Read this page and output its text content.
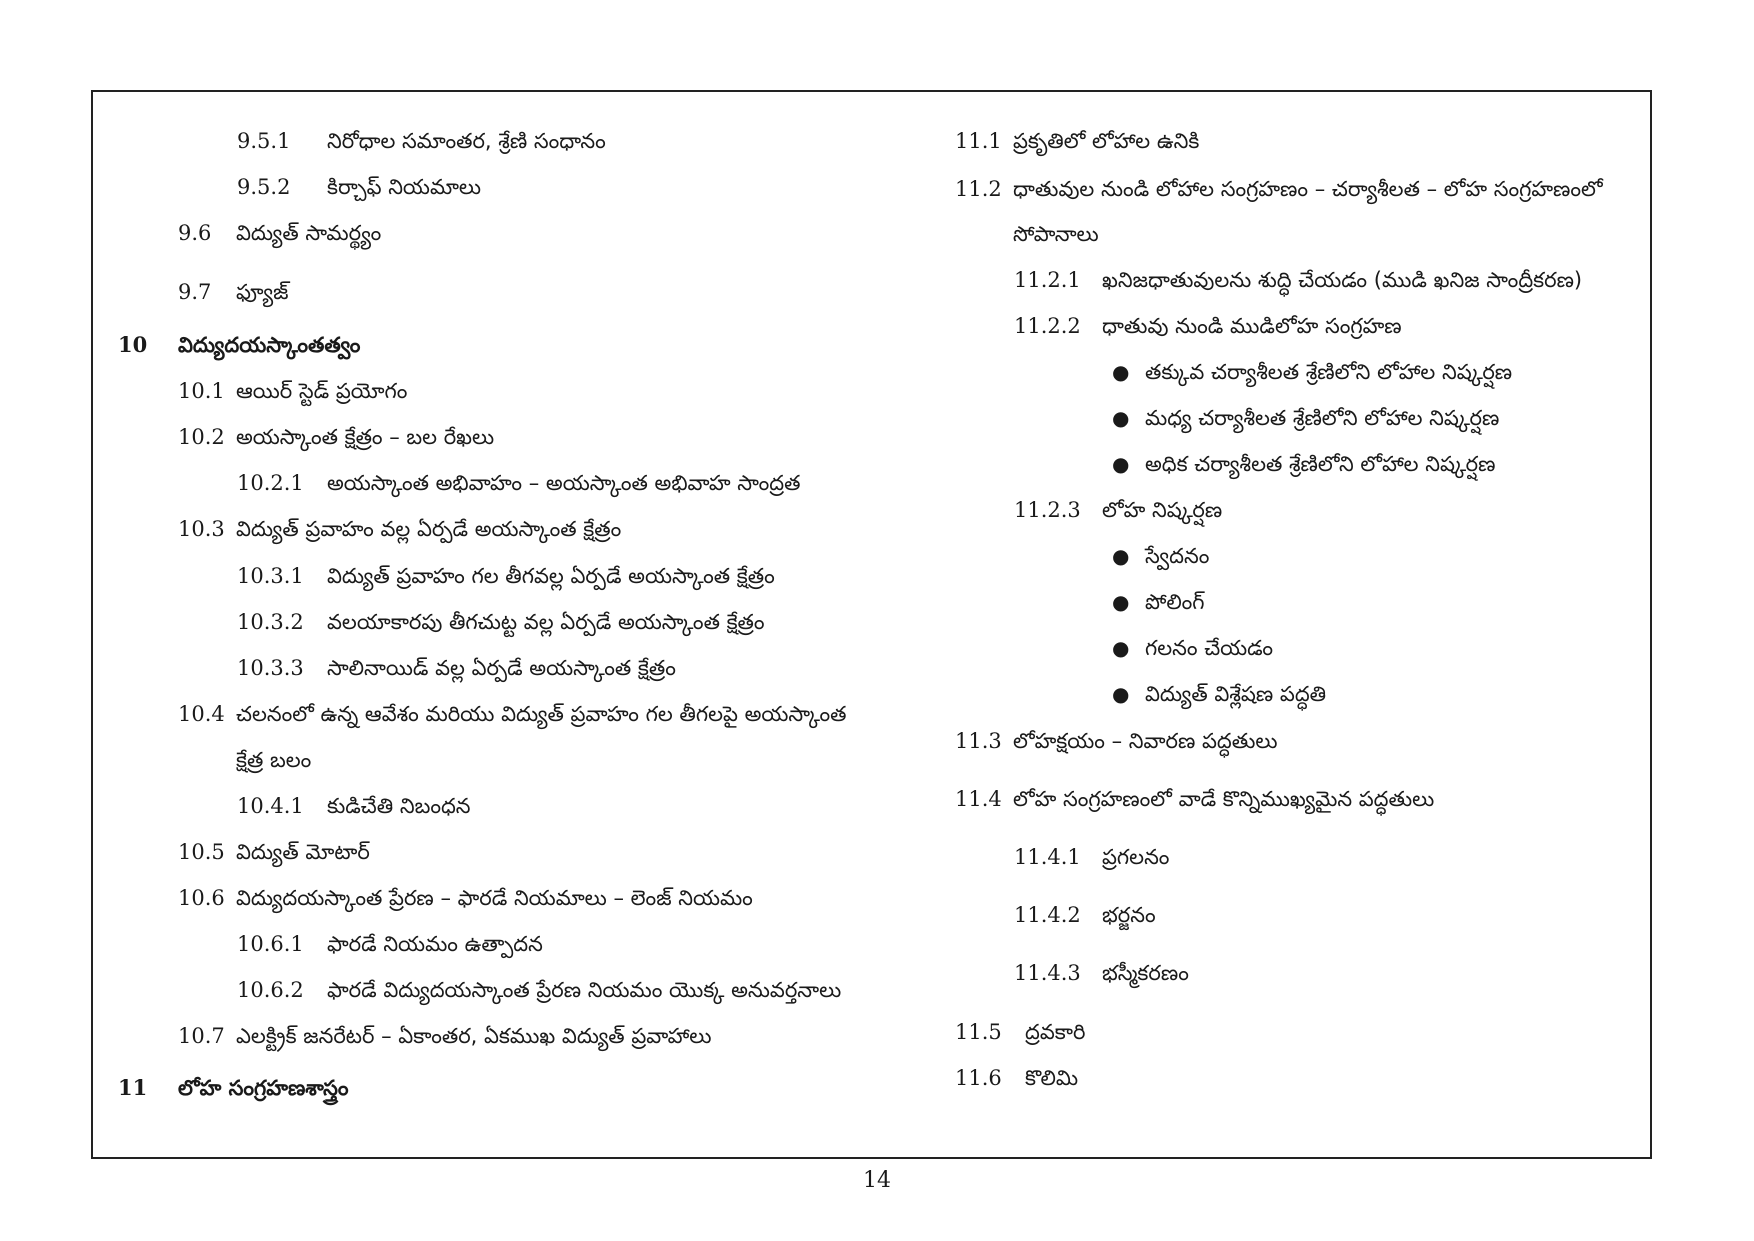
9.5.1 నిరోధాల సమాంతర, శ్రేణి సంధానం
9.5.2 కిర్చాఫ్ నియమాలు
9.6 విద్యుత్ సామర్థ్యం
9.7 ఫ్యూజ్
10 విద్యుదయస్కాంతత్వం
10.1 ఆయిర్ స్టెడ్ ప్రయోగం
10.2 అయస్కాంత క్షేత్రం – బల రేఖలు
10.2.1 అయస్కాంత అభివాహం – అయస్కాంత అభివాహ సాంద్రత
10.3 విద్యుత్ ప్రవాహం వల్ల ఏర్పడే అయస్కాంత క్షేత్రం
10.3.1 విద్యుత్ ప్రవాహం గల తీగవల్ల ఏర్పడే అయస్కాంత క్షేత్రం
10.3.2 వలయాకారపు తీగచుట్ట వల్ల ఏర్పడే అయస్కాంత క్షేత్రం
10.3.3 సాలినాయిడ్ వల్ల ఏర్పడే అయస్కాంత క్షేత్రం
10.4 చలనంలో ఉన్న ఆవేశం మరియు విద్యుత్ ప్రవాహం గల తీగలపై అయస్కాంత
క్షేత్ర బలం
10.4.1 కుడిచేతి నిబంధన
10.5 విద్యుత్ మోటార్
10.6 విద్యుదయస్కాంత ప్రేరణ – ఫారడే నియమాలు – లెంజ్ నియమం
10.6.1 ఫారడే నియమం ఉత్పాదన
10.6.2 ఫారడే విద్యుదయస్కాంత ప్రేరణ నియమం యొక్క అనువర్తనాలు
10.7 ఎలక్ట్రిక్ జనరేటర్ – ఏకాంతర, ఏకముఖ విద్యుత్ ప్రవాహాలు
11 లోహ సంగ్రహణశాస్త్రం
11.1 ప్రకృతిలో లోహాల ఉనికి
11.2 ధాతువుల నుండి లోహాల సంగ్రహణం – చర్యాశీలత – లోహ సంగ్రహణంలో
సోపానాలు
11.2.1 ఖనిజధాతువులను శుద్ధి చేయడం (ముడి ఖనిజ సాంద్రీకరణ)
11.2.2 ధాతువు నుండి ముడిలోహ సంగ్రహణ
● తక్కువ చర్యాశీలత శ్రేణిలోని లోహాల నిష్కర్షణ
● మధ్య చర్యాశీలత శ్రేణిలోని లోహాల నిష్కర్షణ
● అధిక చర్యాశీలత శ్రేణిలోని లోహాల నిష్కర్షణ
11.2.3 లోహ నిష్కర్షణ
● స్వేదనం
● పోలింగ్
● గలనం చేయడం
● విద్యుత్ విశ్లేషణ పద్ధతి
11.3 లోహక్షయం – నివారణ పద్ధతులు
11.4 లోహ సంగ్రహణంలో వాడే కొన్నిముఖ్యమైన పద్ధతులు
11.4.1 ప్రగలనం
11.4.2 భర్జనం
11.4.3 భస్మీకరణం
11.5 ద్రవకారి
11.6 కొలిమి
14
